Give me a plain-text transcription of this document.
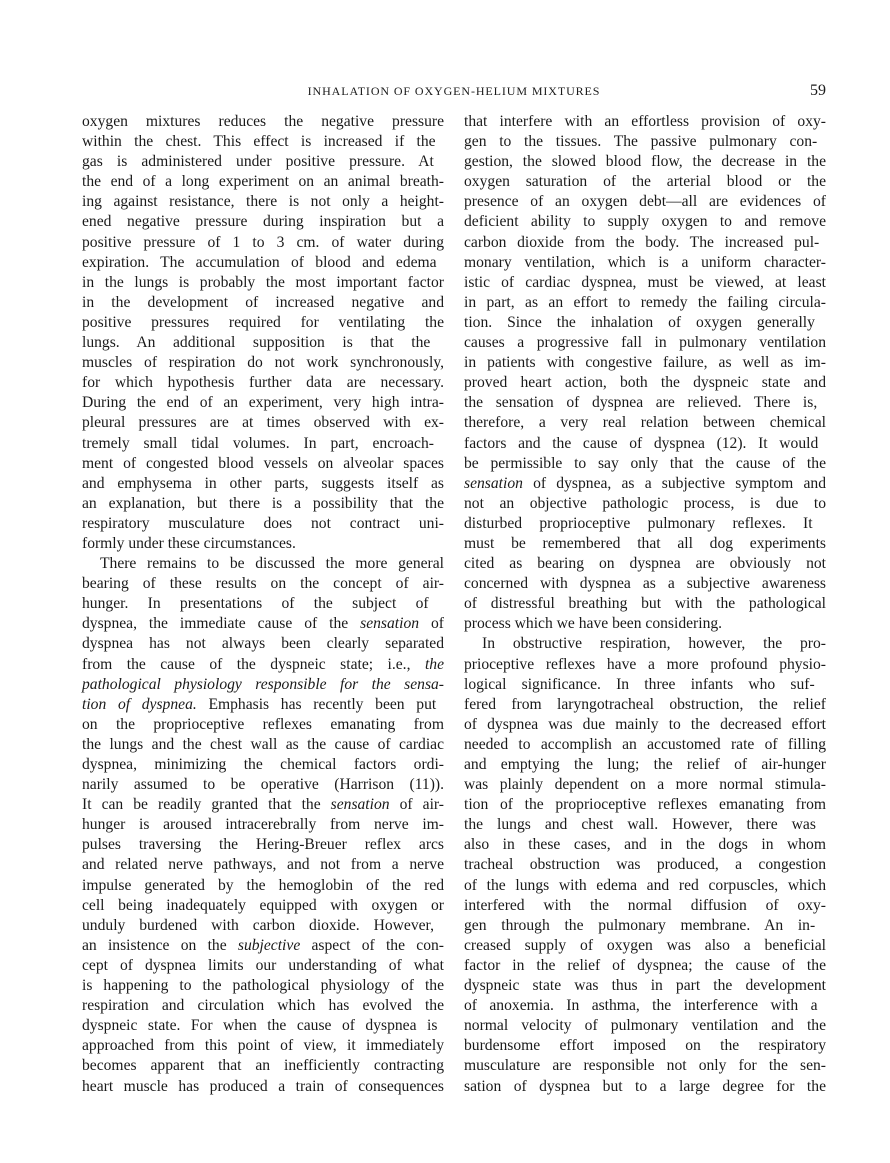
INHALATION OF OXYGEN-HELIUM MIXTURES	59
oxygen mixtures reduces the negative pressure
within the chest. This effect is increased if the
gas is administered under positive pressure. At
the end of a long experiment on an animal breath-
ing against resistance, there is not only a height-
ened negative pressure during inspiration but a
positive pressure of 1 to 3 cm. of water during
expiration. The accumulation of blood and edema
in the lungs is probably the most important factor
in the development of increased negative and
positive pressures required for ventilating the
lungs. An additional supposition is that the
muscles of respiration do not work synchronously,
for which hypothesis further data are necessary.
During the end of an experiment, very high intra-
pleural pressures are at times observed with ex-
tremely small tidal volumes. In part, encroach-
ment of congested blood vessels on alveolar spaces
and emphysema in other parts, suggests itself as
an explanation, but there is a possibility that the
respiratory musculature does not contract uni-
formly under these circumstances.
There remains to be discussed the more general
bearing of these results on the concept of air-
hunger. In presentations of the subject of
dyspnea, the immediate cause of the sensation of
dyspnea has not always been clearly separated
from the cause of the dyspneic state; i.e., the
pathological physiology responsible for the sensa-
tion of dyspnea. Emphasis has recently been put
on the proprioceptive reflexes emanating from
the lungs and the chest wall as the cause of cardiac
dyspnea, minimizing the chemical factors ordi-
narily assumed to be operative (Harrison (11)).
It can be readily granted that the sensation of air-
hunger is aroused intracerebrally from nerve im-
pulses traversing the Hering-Breuer reflex arcs
and related nerve pathways, and not from a nerve
impulse generated by the hemoglobin of the red
cell being inadequately equipped with oxygen or
unduly burdened with carbon dioxide. However,
an insistence on the subjective aspect of the con-
cept of dyspnea limits our understanding of what
is happening to the pathological physiology of the
respiration and circulation which has evolved the
dyspneic state. For when the cause of dyspnea is
approached from this point of view, it immediately
becomes apparent that an inefficiently contracting
heart muscle has produced a train of consequences
that interfere with an effortless provision of oxy-
gen to the tissues. The passive pulmonary con-
gestion, the slowed blood flow, the decrease in the
oxygen saturation of the arterial blood or the
presence of an oxygen debt—all are evidences of
deficient ability to supply oxygen to and remove
carbon dioxide from the body. The increased pul-
monary ventilation, which is a uniform character-
istic of cardiac dyspnea, must be viewed, at least
in part, as an effort to remedy the failing circula-
tion. Since the inhalation of oxygen generally
causes a progressive fall in pulmonary ventilation
in patients with congestive failure, as well as im-
proved heart action, both the dyspneic state and
the sensation of dyspnea are relieved. There is,
therefore, a very real relation between chemical
factors and the cause of dyspnea (12). It would
be permissible to say only that the cause of the
sensation of dyspnea, as a subjective symptom and
not an objective pathologic process, is due to
disturbed proprioceptive pulmonary reflexes. It
must be remembered that all dog experiments
cited as bearing on dyspnea are obviously not
concerned with dyspnea as a subjective awareness
of distressful breathing but with the pathological
process which we have been considering.
In obstructive respiration, however, the pro-
prioceptive reflexes have a more profound physio-
logical significance. In three infants who suf-
fered from laryngotracheal obstruction, the relief
of dyspnea was due mainly to the decreased effort
needed to accomplish an accustomed rate of filling
and emptying the lung; the relief of air-hunger
was plainly dependent on a more normal stimula-
tion of the proprioceptive reflexes emanating from
the lungs and chest wall. However, there was
also in these cases, and in the dogs in whom
tracheal obstruction was produced, a congestion
of the lungs with edema and red corpuscles, which
interfered with the normal diffusion of oxy-
gen through the pulmonary membrane. An in-
creased supply of oxygen was also a beneficial
factor in the relief of dyspnea; the cause of the
dyspneic state was thus in part the development
of anoxemia. In asthma, the interference with a
normal velocity of pulmonary ventilation and the
burdensome effort imposed on the respiratory
musculature are responsible not only for the sen-
sation of dyspnea but to a large degree for the
